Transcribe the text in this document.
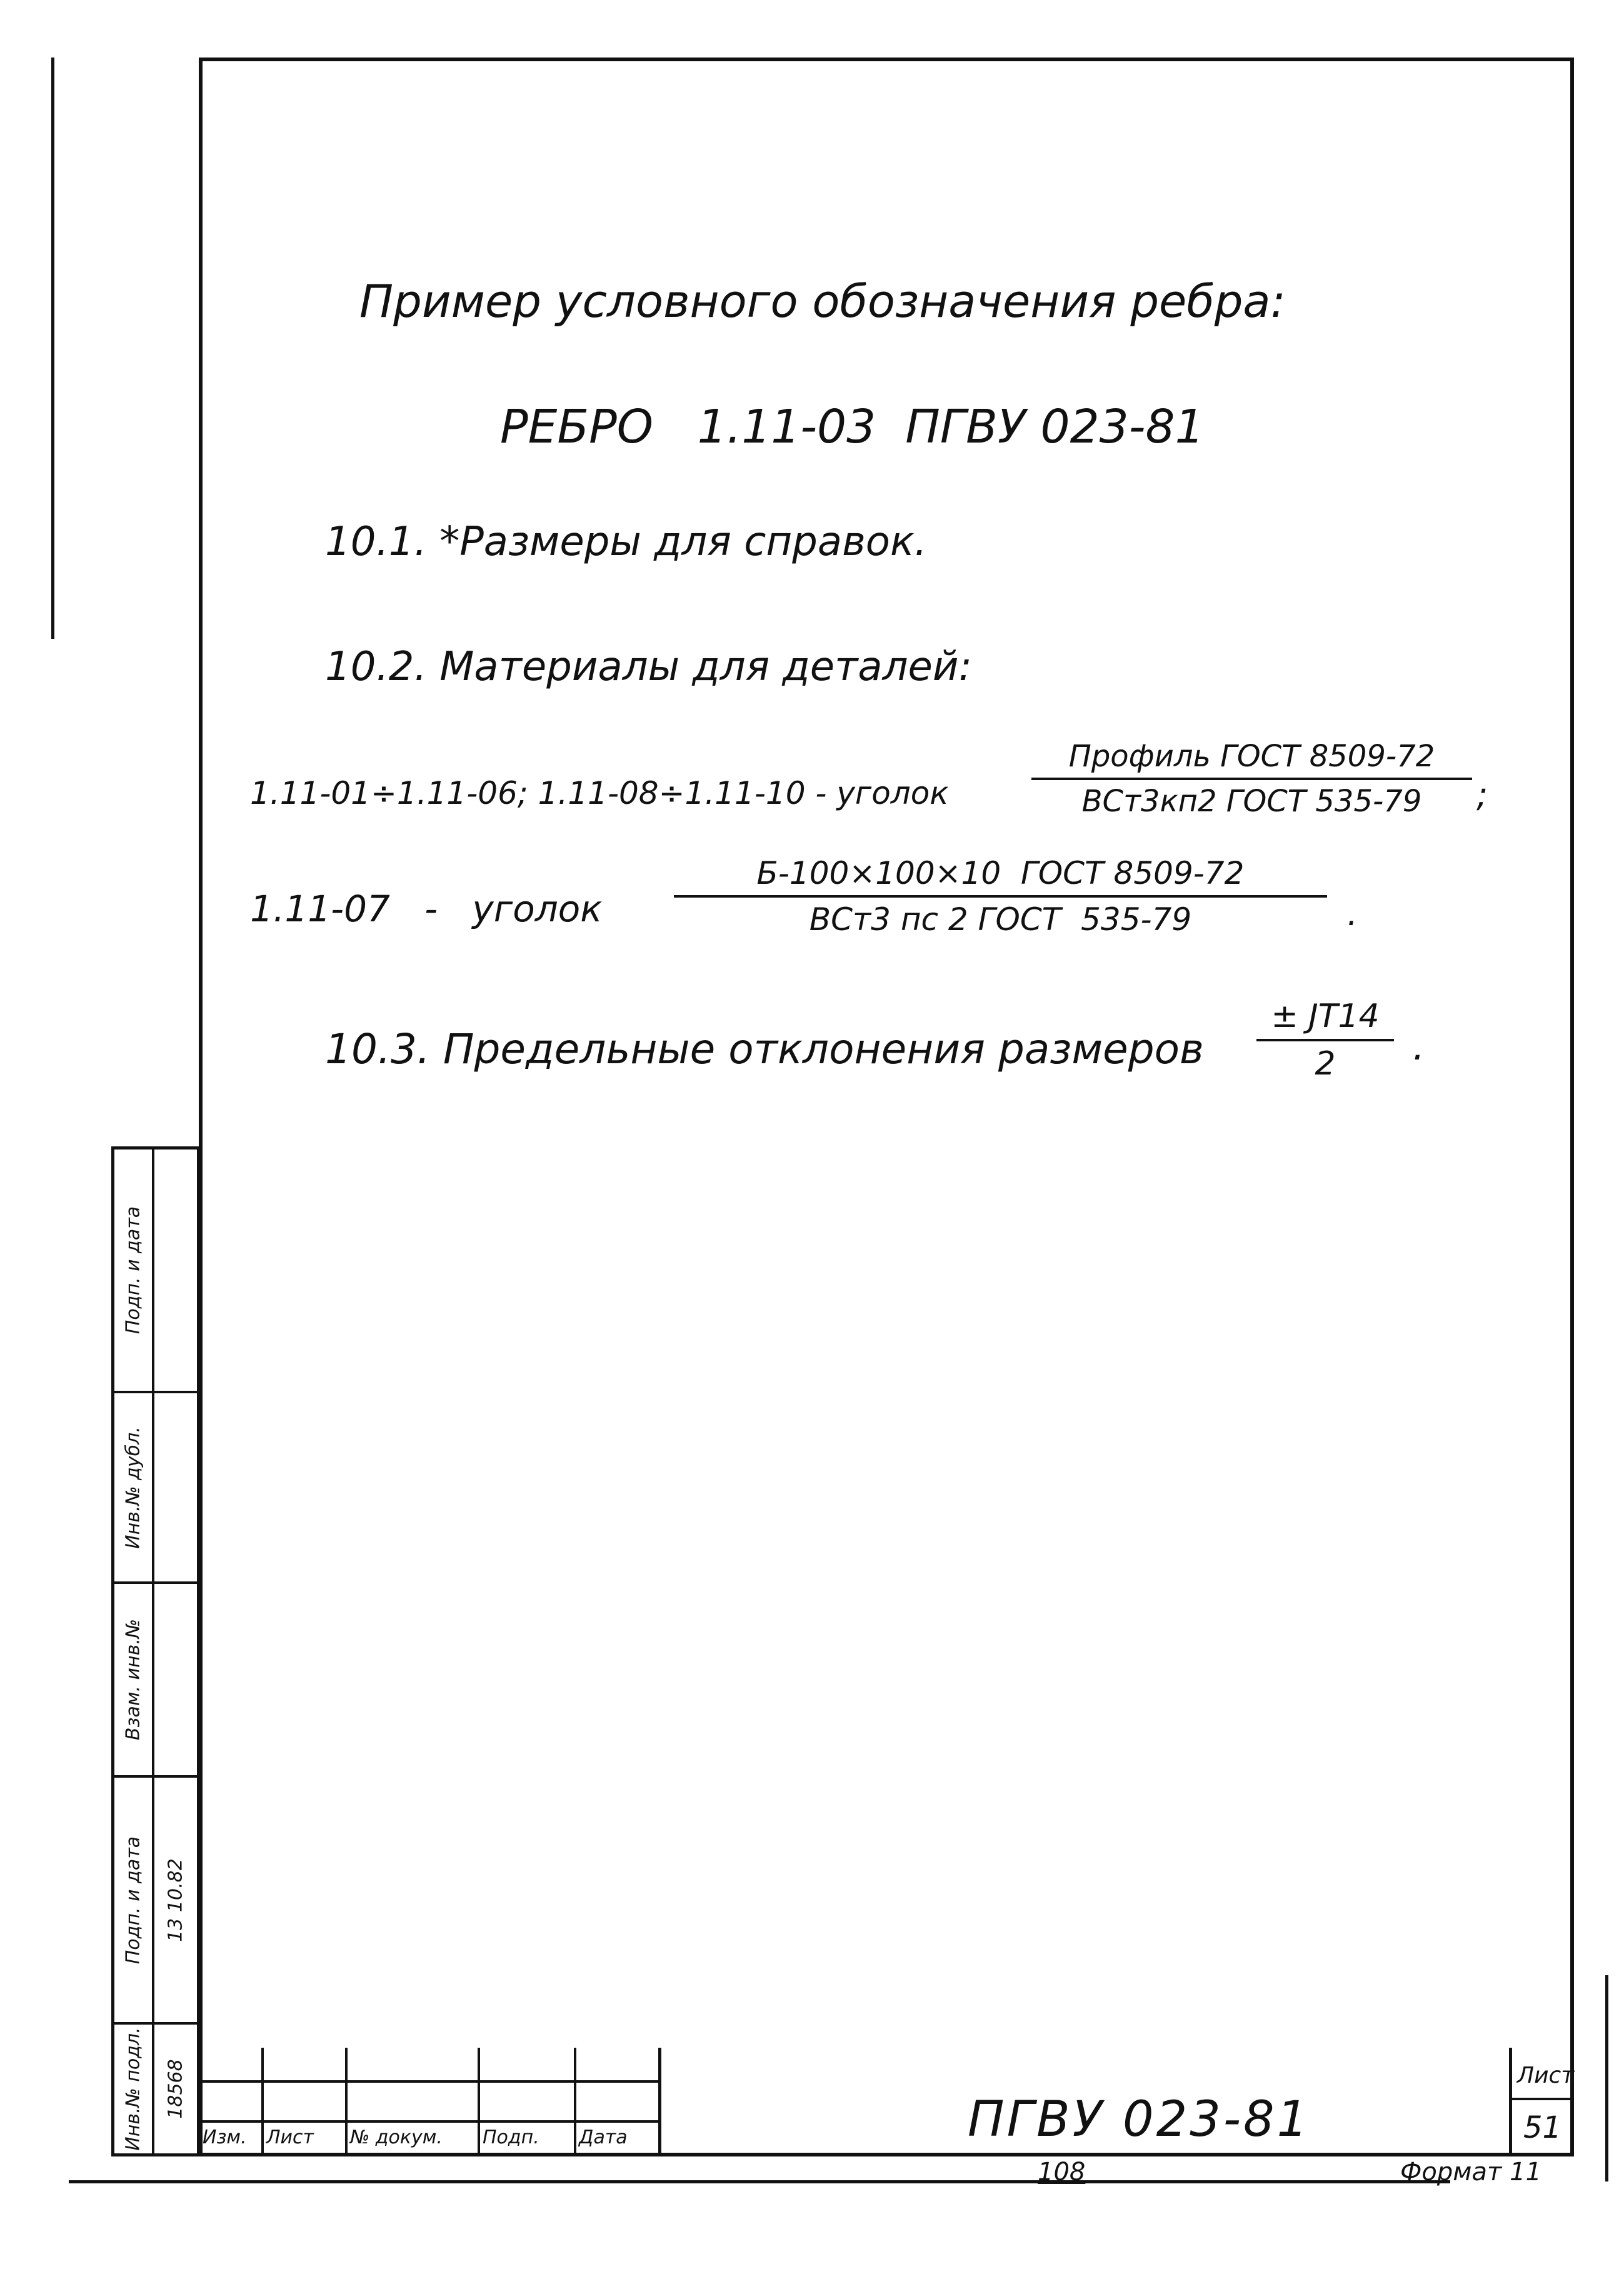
Пример условного обозначения ребра:
РЕБРО   1.11-03  ПГВУ 023-81
10.1. *Размеры для справок.
10.2. Материалы для деталей:
1.11-01÷1.11-06; 1.11-08÷1.11-10 - уголок
Профиль ГОСТ 8509-72
ВСт3кп2 ГОСТ 535-79	;
1.11-07   -   уголок
Б-100×100×10  ГОСТ 8509-72
ВСт3 пс 2 ГОСТ  535-79	.
10.3. Предельные отклонения размеров
± JT14
2	.
Подп. и дата
Инв.№ дубл.
Взам. инв.№
Подп. и дата 13 10.82
Инв.№ подл. 18568
Изм. Лист № докум. Подп. Дата	ПГВУ 023-81
Лист
51
108	Формат 11
